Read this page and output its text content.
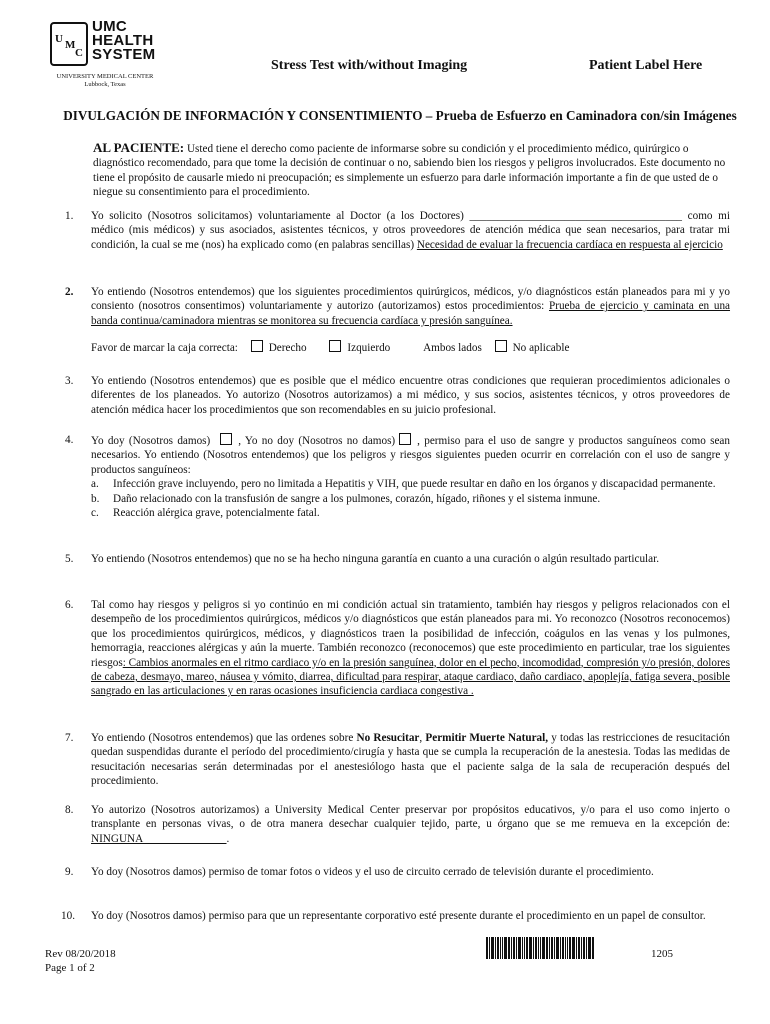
U M
C
UMC
HEALTH
SYSTEM
UNIVERSITY MEDICAL CENTER
Lubbock, Texas
Stress Test with/without Imaging	Patient Label Here
DIVULGACIÓN DE INFORMACIÓN Y CONSENTIMIENTO – Prueba de Esfuerzo en Caminadora con/sin Imágenes
AL PACIENTE: Usted tiene el derecho como paciente de informarse sobre su condición y el procedimiento médico, quirúrgico o diagnóstico recomendado, para que tome la decisión de continuar o no, sabiendo bien los riesgos y peligros involucrados. Este documento no tiene el propósito de causarle miedo ni preocupación; es simplemente un esfuerzo para darle información importante a fin de que usted de o niegue su consentimiento para el procedimiento.
1.	Yo solicito (Nosotros solicitamos) voluntariamente al Doctor (a los Doctores) ______________________________________ como mi médico (mis médicos) y sus asociados, asistentes técnicos, y otros proveedores de atención médica que sean necesarios, para tratar mi condición, la cual se me (nos) ha explicado como (en palabras sencillas) Necesidad de evaluar la frecuencia cardíaca en respuesta al ejercicio
2.	Yo entiendo (Nosotros entendemos) que los siguientes procedimientos quirúrgicos, médicos, y/o diagnósticos están planeados para mi y yo consiento (nosotros consentimos) voluntariamente y autorizo (autorizamos) estos procedimientos: Prueba de ejercicio y caminata en una banda continua/caminadora mientras se monitorea su frecuencia cardíaca y presión sanguínea.
Favor de marcar la caja correcta:	Derecho	Izquierdo	Ambos lados	No aplicable
3.	Yo entiendo (Nosotros entendemos) que es posible que el médico encuentre otras condiciones que requieran procedimientos adicionales o diferentes de los planeados. Yo autorizo (Nosotros autorizamos) a mi médico, y sus socios, asistentes técnicos, y otros proveedores de atención médica hacer los procedimientos que son recomendables en su juicio profesional.
4.	Yo doy (Nosotros damos)	, Yo no doy (Nosotros no damos) , permiso para el uso de sangre y productos sanguíneos como sean necesarios. Yo entiendo (Nosotros entendemos) que los peligros y riesgos siguientes pueden ocurrir en correlación con el uso de sangre y productos sanguíneos:
a. Infección grave incluyendo, pero no limitada a Hepatitis y VIH, que puede resultar en daño en los órganos y discapacidad permanente.
b. Daño relacionado con la transfusión de sangre a los pulmones, corazón, hígado, riñones y el sistema inmune.
c. Reacción alérgica grave, potencialmente fatal.
5.	Yo entiendo (Nosotros entendemos) que no se ha hecho ninguna garantía en cuanto a una curación o algún resultado particular.
6.	Tal como hay riesgos y peligros si yo continúo en mi condición actual sin tratamiento, también hay riesgos y peligros relacionados con el desempeño de los procedimientos quirúrgicos, médicos y/o diagnósticos que están planeados para mi. Yo reconozco (Nosotros reconocemos) que los procedimientos quirúrgicos, médicos, y diagnósticos traen la posibilidad de infección, coágulos en las venas y los pulmones, hemorragia, reacciones alérgicas y aún la muerte. También reconozco (reconocemos) que este procedimiento en particular, trae los siguientes riesgos: Cambios anormales en el ritmo cardiaco y/o en la presión sanguínea, dolor en el pecho, incomodidad, compresión y/o presión, dolores de cabeza, desmayo, mareo, náusea y vómito, diarrea, dificultad para respirar, ataque cardiaco, daño cardiaco, apoplejía, fatiga severa, posible sangrado en las articulaciones y en raras ocasiones insuficiencia cardiaca congestiva .
7.	Yo entiendo (Nosotros entendemos) que las ordenes sobre No Resucitar, Permitir Muerte Natural, y todas las restricciones de resucitación quedan suspendidas durante el período del procedimiento/cirugía y hasta que se cumpla la recuperación de la anestesia. Todas las medidas de resucitación necesarias serán determinadas por el anestesiólogo hasta que el paciente salga de la sala de recuperación después del procedimiento.
8.	Yo autorizo (Nosotros autorizamos) a University Medical Center preservar por propósitos educativos, y/o para el uso como injerto o transplante en personas vivas, o de otra manera desechar cualquier tejido, parte, u órgano que se me remueva en la excepción de: NINGUNA                              .
9.	Yo doy (Nosotros damos) permiso de tomar fotos o videos y el uso de circuito cerrado de televisión durante el procedimiento.
10.	Yo doy (Nosotros damos) permiso para que un representante corporativo esté presente durante el procedimiento en un papel de consultor.
Rev 08/20/2018
Page 1 of 2
1205
